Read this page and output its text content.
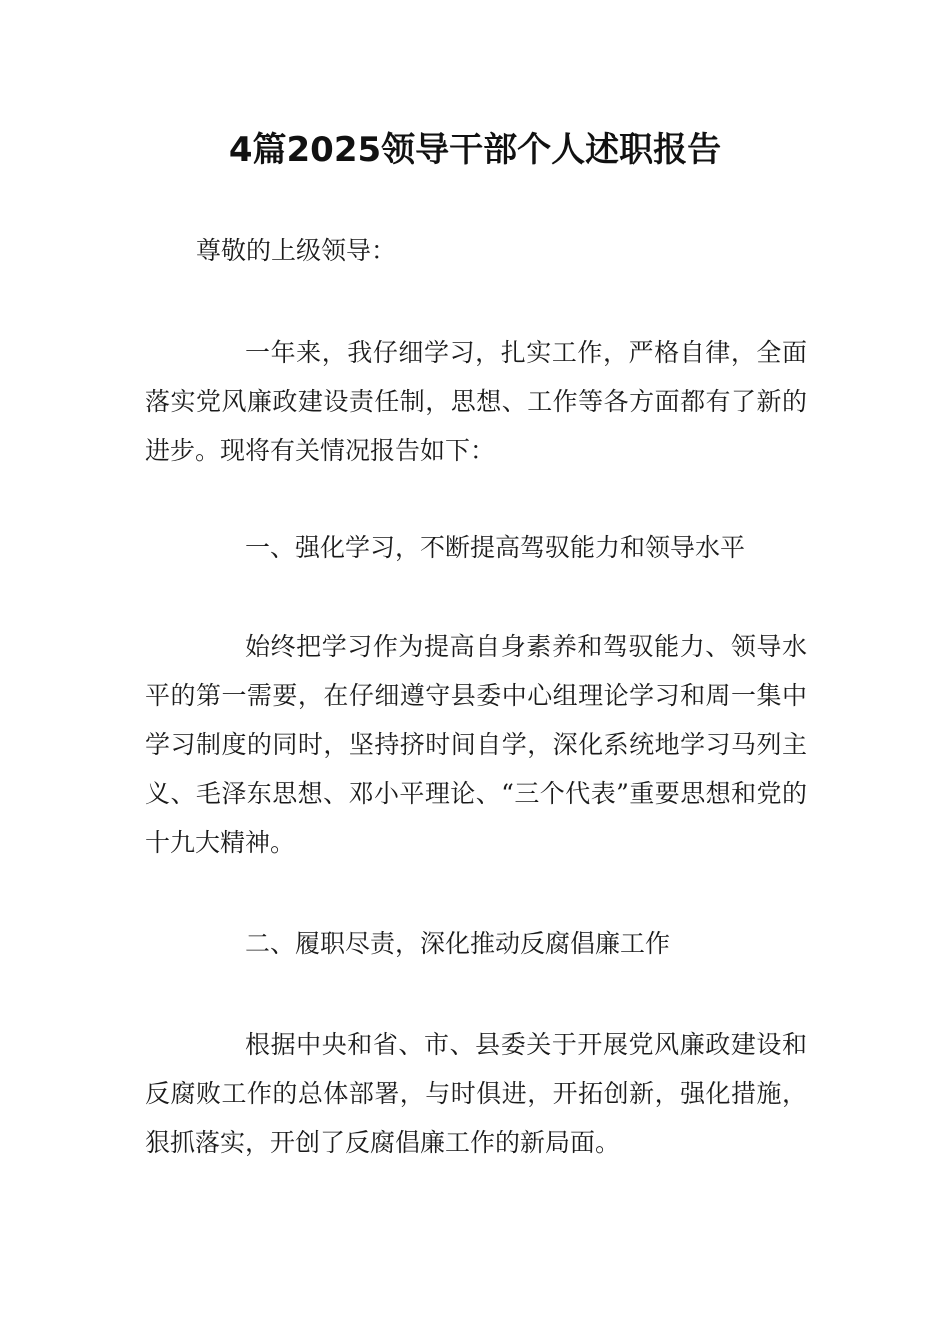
4篇2025领导干部个人述职报告

尊敬的上级领导：

一年来，我仔细学习，扎实工作，严格自律，全面落实党风廉政建设责任制，思想、工作等各方面都有了新的进步。现将有关情况报告如下：

一、强化学习，不断提高驾驭能力和领导水平

始终把学习作为提高自身素养和驾驭能力、领导水平的第一需要，在仔细遵守县委中心组理论学习和周一集中学习制度的同时，坚持挤时间自学，深化系统地学习马列主义、毛泽东思想、邓小平理论、“三个代表”重要思想和党的十九大精神。

二、履职尽责，深化推动反腐倡廉工作

根据中央和省、市、县委关于开展党风廉政建设和反腐败工作的总体部署，与时俱进，开拓创新，强化措施，狠抓落实，开创了反腐倡廉工作的新局面。
